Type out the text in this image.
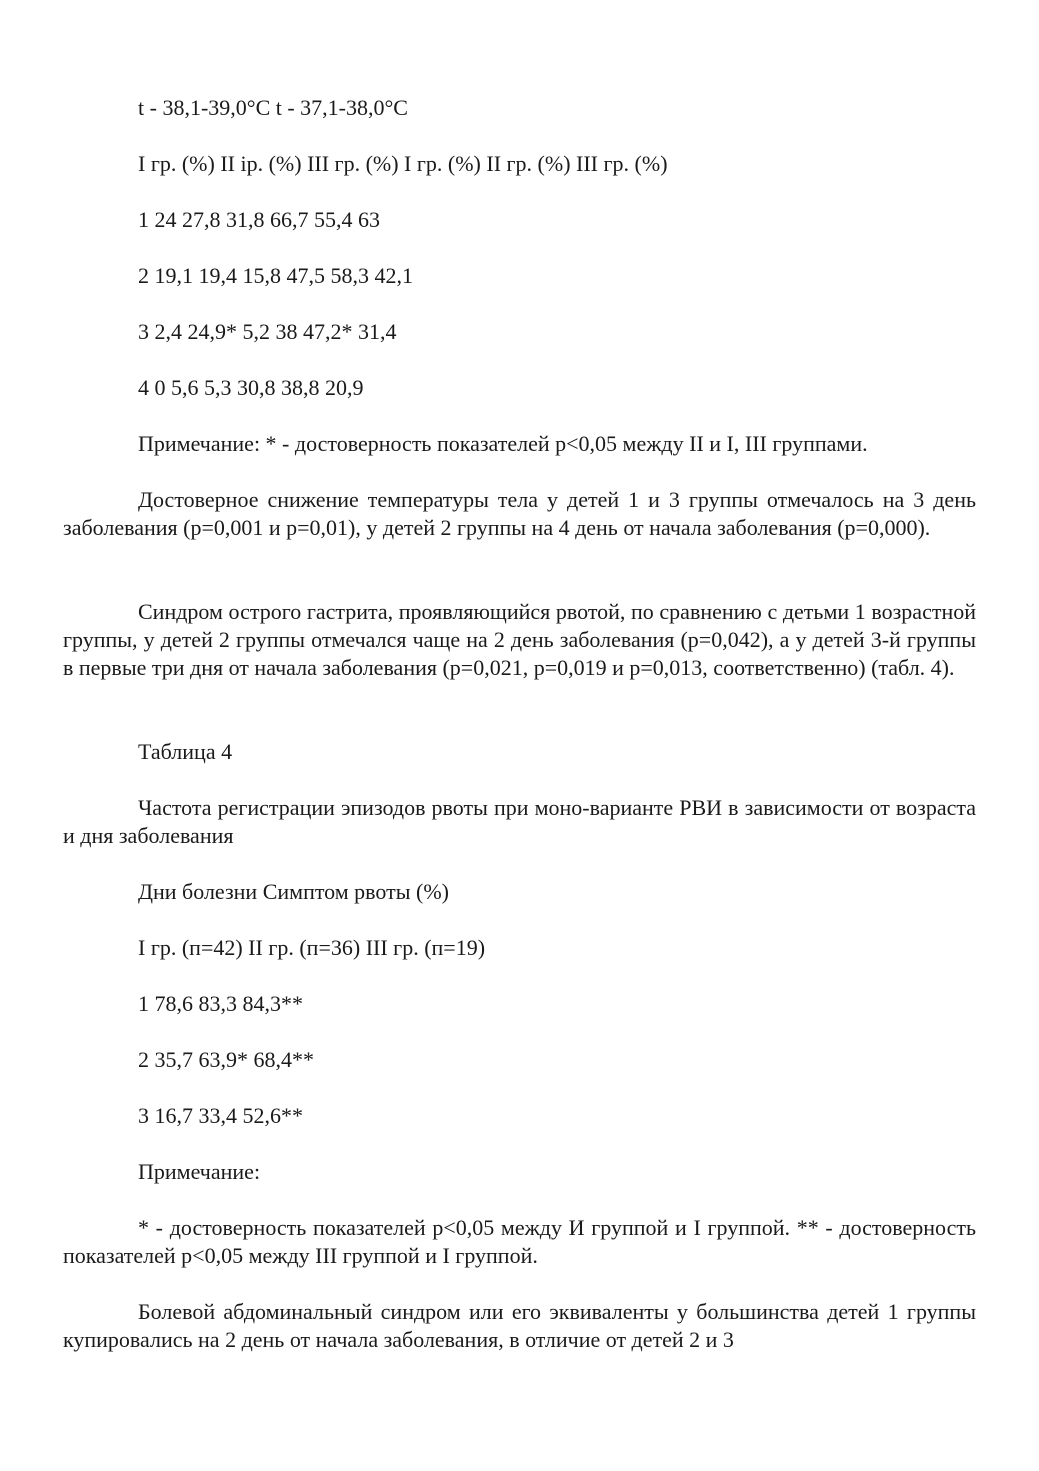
t - 38,1-39,0°C t - 37,1-38,0°C
I гр. (%) II ip. (%) III гр. (%) I гр. (%) II гр. (%) III гр. (%)
1 24 27,8 31,8 66,7 55,4 63
2 19,1 19,4 15,8 47,5 58,3 42,1
3 2,4 24,9* 5,2 38 47,2* 31,4
4 0 5,6 5,3 30,8 38,8 20,9
Примечание: * - достоверность показателей p<0,05 между II и I, III группами.
Достоверное снижение температуры тела у детей 1 и 3 группы отмечалось на 3 день заболевания (р=0,001 и р=0,01), у детей 2 группы на 4 день от начала заболевания (р=0,000).
Синдром острого гастрита, проявляющийся рвотой, по сравнению с детьми 1 возрастной группы, у детей 2 группы отмечался чаще на 2 день заболевания (р=0,042), а у детей 3-й группы в первые три дня от начала заболевания (р=0,021, р=0,019 и р=0,013, соответственно) (табл. 4).
Таблица 4
Частота регистрации эпизодов рвоты при моно-варианте РВИ в зависимости от возраста и дня заболевания
Дни болезни Симптом рвоты (%)
I гр. (п=42) II гр. (п=36) III гр. (п=19)
1 78,6 83,3 84,3**
2 35,7 63,9* 68,4**
3 16,7 33,4 52,6**
Примечание:
* - достоверность показателей p<0,05 между И группой и I группой. ** - достоверность показателей p<0,05 между III группой и I группой.
Болевой абдоминальный синдром или его эквиваленты у большинства детей 1 группы купировались на 2 день от начала заболевания, в отличие от детей 2 и 3
